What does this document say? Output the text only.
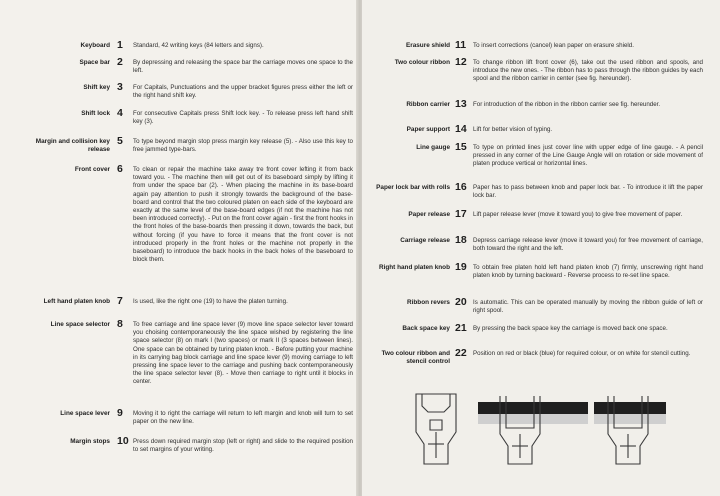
Keyboard 1	Standard, 42 writing keys (84 letters and signs).
Space bar 2	By depressing and releasing the space bar the carriage moves one space to the left.
Shift key 3	For Capitals, Punctuations and the upper bracket figures press either the left or the right hand shift key.
Shift lock 4	For consecutive Capitals press Shift lock key. - To release press left hand shift key (3).
Margin and collision key release
5	To type beyond margin stop press margin key release (5). - Also use this key to free jammed type-bars.
Front cover 6	To clean or repair the machine take away tre front cover lefting it from back toward you. - The machine then will get out of its baseboard simply by lifting it from under the space bar (2). - When placing the machine in its base-board again pay attention to push it strongly towards the background of the base-board and control that the two coloured platen on each side of the keyboard are exactly at the same level of the base-board edges (if not the machine has not been introduced correctly). - Put on the front cover again - first the front hooks in the front holes of the base-boards then pressing it down, towards the back, but without forcing (if you have to force it means that the front cover is not introduced properly in the front holes or the machine not properly in the baseboard) to introduce the back hooks in the back holes of the baseboard to block them.
Left hand platen knob 7	Is used, like the right one (19) to have the platen turning.
Line space selector 8	To free carriage and line space lever (9) move line space selector lever toward you choising contemporaneously the line space wished by registering the line space selector (8) on mark I (two spaces) or mark II (3 spaces between lines). One space can be obtained by turing platen knob. - Before putting your machine in its carrying bag block carriage and line space lever (9) moving carriage to left pressing line space lever to the carriage and pushing back contemporaneously the line space selector lever (8). - Move then carriage to right until it blocks in center.
Line space lever 9	Moving it to right the carriage will return to left margin and knob will turn to set paper on the new line.
Margin stops 10 Press down required margin stop (left or right) and slide to the required position to set margins of your writing.
Erasure shield 11	To insert corrections (cancel) lean paper on erasure shield.
Two colour ribbon 12	To change ribbon lift front cover (6), take out the used ribbon and spools, and introduce the new ones. - The ribbon has to pass through the ribbon guides by each spool and the ribbon carrier in center (see fig. hereunder).
Ribbon carrier 13	For introduction of the ribbon in the ribbon carrier see fig. hereunder.
Paper support 14	Lift for better vision of typing.
Line gauge 15	To type on printed lines just cover line with upper edge of line gauge. - A pencil pressed in any corner of the Line Gauge Angle will on rotation or side movement of platen produce vertical or horizontal lines.
Paper lock bar with rolls 16	Paper has to pass between knob and paper lock bar. - To introduce it lift the paper lock bar.
Paper release 17	Lift paper release lever (move it toward you) to give free movement of paper.
Carriage release 18	Depress carriage release lever (move it toward you) for free movement of carriage, both toward the right and the left.
Right hand platen knob 19	To obtain free platen hold left hand platen knob (7) firmly, unscrewing right hand platen knob by turning backward - Reverse process to re-set line space.
Ribbon revers 20	Is automatic. This can be operated manually by moving the ribbon guide of left or right spool.
Back space key 21	By pressing the back space key the carriage is moved back one space.
Two colour ribbon and stencil control
22	Position on red or black (blue) for required colour, or on white for stencil cutting.
